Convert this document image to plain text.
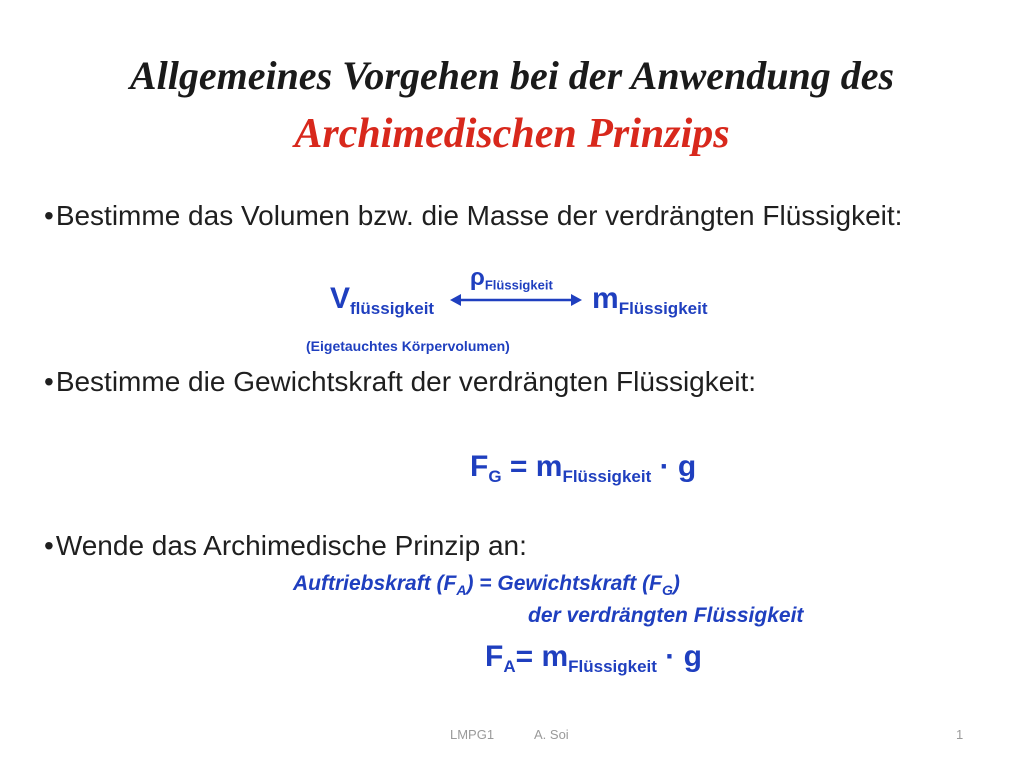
Allgemeines Vorgehen bei der Anwendung des
Archimedischen Prinzips
•Bestimme das Volumen bzw. die Masse der verdrängten Flüssigkeit:
$\rho_{Flüssigkeit}$
$V_{flüssigkeit}$	$m_{Flüssigkeit}$
(Eigetauchtes Körpervolumen)
•Bestimme die Gewichtskraft der verdrängten Flüssigkeit:
$F_G = m_{Flüssigkeit} \cdot g$
•Wende das Archimedische Prinzip an:
Auftriebskraft $(F_A)$ = Gewichtskraft $(F_G)$
der verdrängten Flüssigkeit
$F_A= m_{Flüssigkeit} \cdot g$
LMPG1	A. Soi	1
